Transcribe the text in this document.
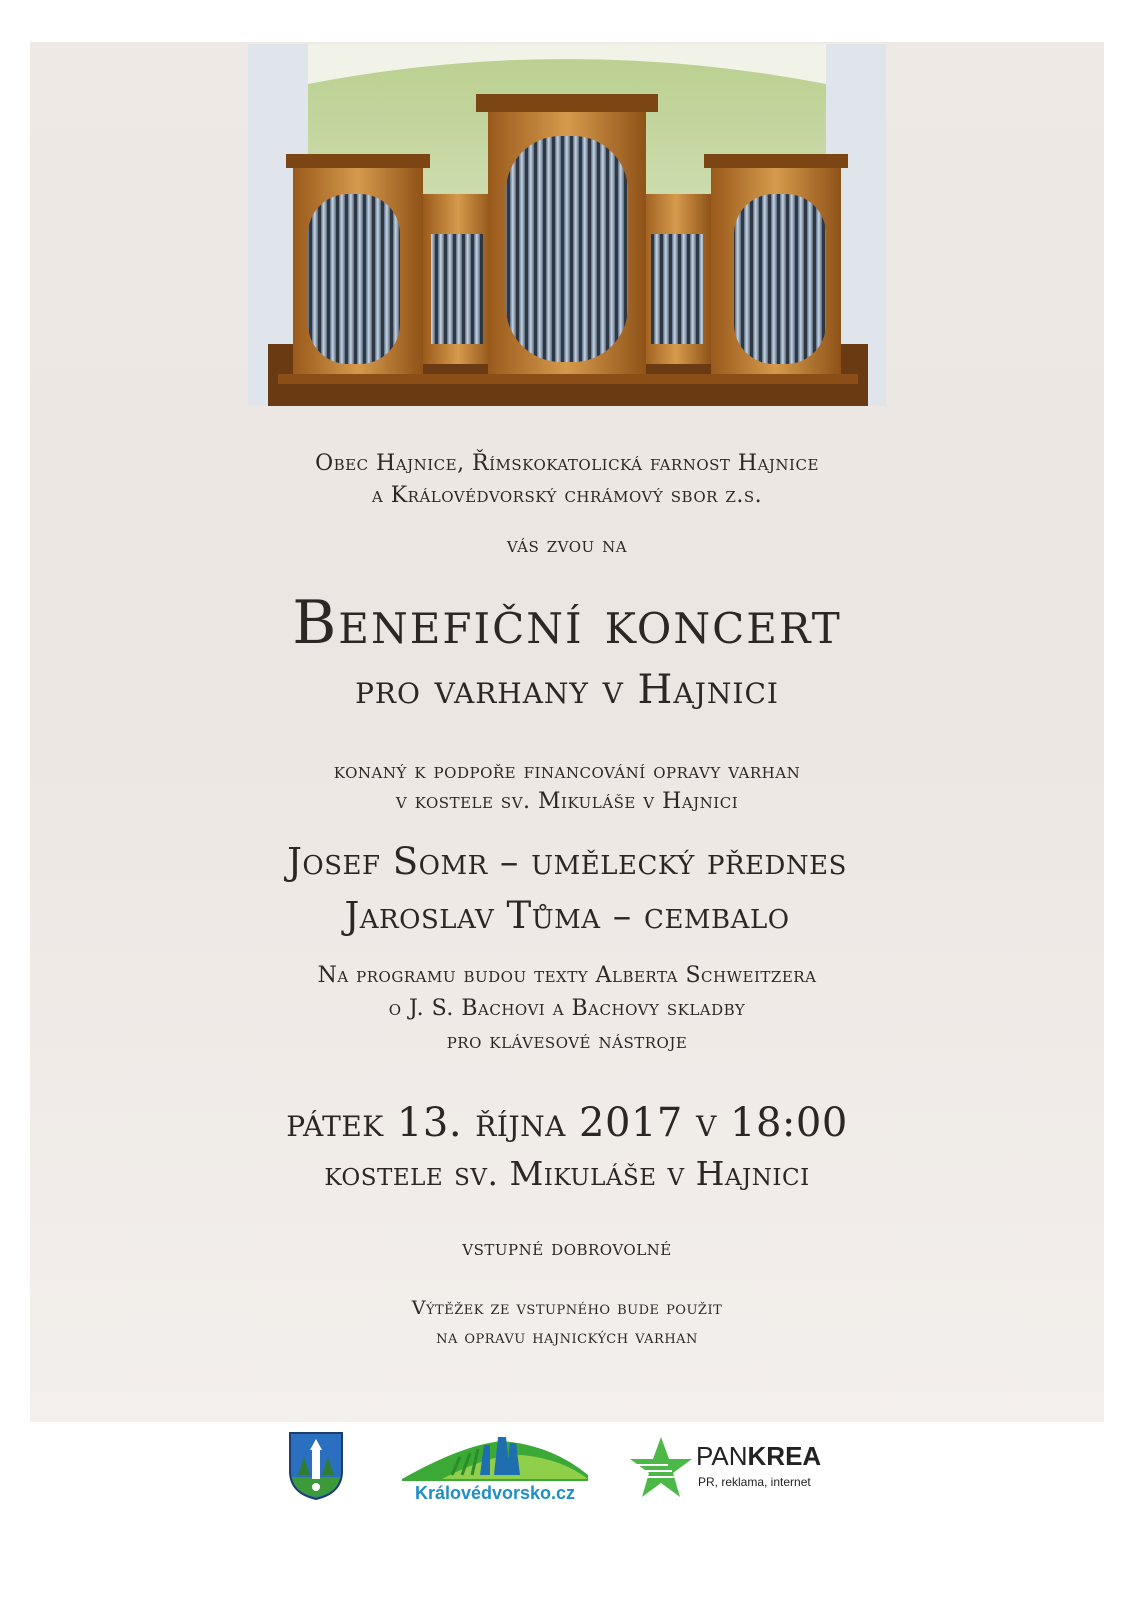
Obec Hajnice, Římskokatolická farnost Hajnice
a Královédvorský chrámový sbor z.s.
vás zvou na
Benefiční koncert
pro varhany v Hajnici
konaný k podpoře financování opravy varhan
v kostele sv. Mikuláše v Hajnici
Josef Somr – umělecký přednes
Jaroslav Tůma – cembalo
Na programu budou texty Alberta Schweitzera
o J. S. Bachovi a Bachovy skladby
pro klávesové nástroje
pátek 13. října 2017 v 18:00
kostele sv. Mikuláše v Hajnici
vstupné dobrovolné
Výtěžek ze vstupného bude použit
na opravu hajnických varhan
Královédvorsko.cz
PANKREA
PR, reklama, internet
